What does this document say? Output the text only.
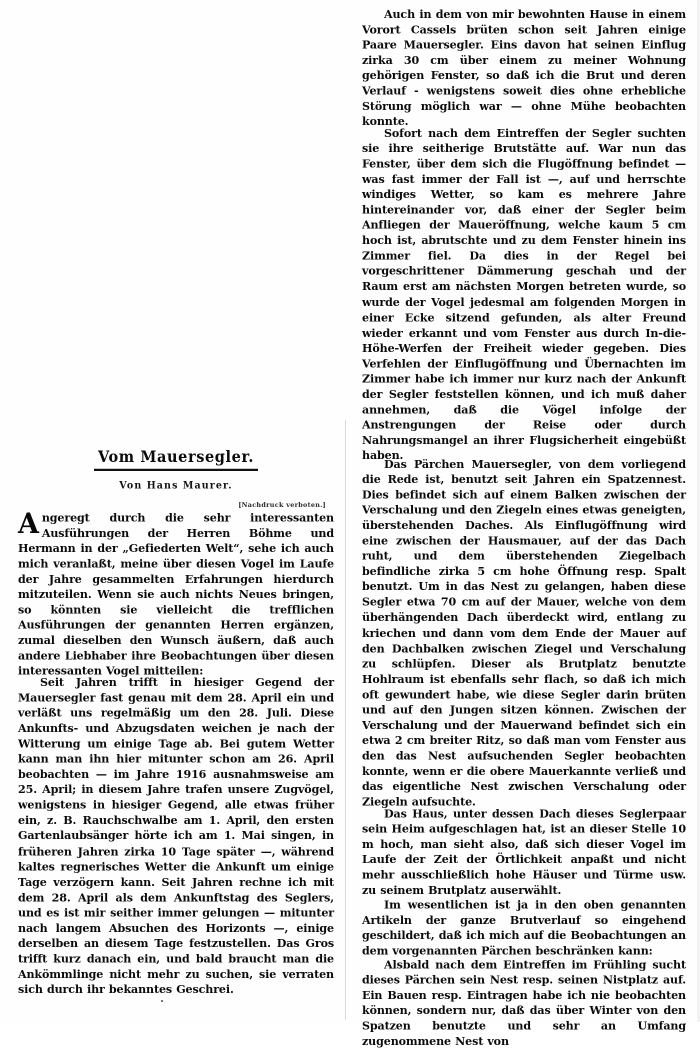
Vom Mauersegler.
Von Hans Maurer.
[Nachdruck verboten.]

Angeregt durch die sehr interessanten Ausführungen der Herren Böhme und Hermann in der „Gefiederten Welt“, sehe ich auch mich veranlaßt, meine über diesen Vogel im Laufe der Jahre gesammelten Erfahrungen hierdurch mitzuteilen. Wenn sie auch nichts Neues bringen, so könnten sie vielleicht die trefflichen Ausführungen der genannten Herren ergänzen, zumal dieselben den Wunsch äußern, daß auch andere Liebhaber ihre Beobachtungen über diesen interessanten Vogel mitteilen:

Seit Jahren trifft in hiesiger Gegend der Mauersegler fast genau mit dem 28. April ein und verläßt uns regelmäßig um den 28. Juli. Diese Ankunfts- und Abzugsdaten weichen je nach der Witterung um einige Tage ab. Bei gutem Wetter kann man ihn hier mitunter schon am 26. April beobachten — im Jahre 1916 ausnahmsweise am 25. April; in diesem Jahre trafen unsere Zugvögel, wenigstens in hiesiger Gegend, alle etwas früher ein, z. B. Rauchschwalbe am 1. April, den ersten Gartenlaubsänger hörte ich am 1. Mai singen, in früheren Jahren zirka 10 Tage später —, während kaltes regnerisches Wetter die Ankunft um einige Tage verzögern kann. Seit Jahren rechne ich mit dem 28. April als dem Ankunftstag des Seglers, und es ist mir seither immer gelungen — mitunter nach langem Absuchen des Horizonts —, einige derselben an diesem Tage festzustellen. Das Gros trifft kurz danach ein, und bald braucht man die Ankömmlinge nicht mehr zu suchen, sie verraten sich durch ihr bekanntes Geschrei.

Auch in dem von mir bewohnten Hause in einem Vorort Cassels brüten schon seit Jahren einige Paare Mauersegler. Eins davon hat seinen Einflug zirka 30 cm über einem zu meiner Wohnung gehörigen Fenster, so daß ich die Brut und deren Verlauf - wenigstens soweit dies ohne erhebliche Störung möglich war — ohne Mühe beobachten konnte.

Sofort nach dem Eintreffen der Segler suchten sie ihre seitherige Brutstätte auf. War nun das Fenster, über dem sich die Flugöffnung befindet — was fast immer der Fall ist —, auf und herrschte windiges Wetter, so kam es mehrere Jahre hintereinander vor, daß einer der Segler beim Anfliegen der Maueröffnung, welche kaum 5 cm hoch ist, abrutschte und zu dem Fenster hinein ins Zimmer fiel. Da dies in der Regel bei vorgeschrittener Dämmerung geschah und der Raum erst am nächsten Morgen betreten wurde, so wurde der Vogel jedesmal am folgenden Morgen in einer Ecke sitzend gefunden, als alter Freund wieder erkannt und vom Fenster aus durch In-die-Höhe-Werfen der Freiheit wieder gegeben. Dies Verfehlen der Einflugöffnung und Übernachten im Zimmer habe ich immer nur kurz nach der Ankunft der Segler feststellen können, und ich muß daher annehmen, daß die Vögel infolge der Anstrengungen der Reise oder durch Nahrungsmangel an ihrer Flugsicherheit eingebüßt haben.

Das Pärchen Mauersegler, von dem vorliegend die Rede ist, benutzt seit Jahren ein Spatzennest. Dies befindet sich auf einem Balken zwischen der Verschalung und den Ziegeln eines etwas geneigten, überstehenden Daches. Als Einflugöffnung wird eine zwischen der Hausmauer, auf der das Dach ruht, und dem überstehenden Ziegelbach befindliche zirka 5 cm hohe Öffnung resp. Spalt benutzt. Um in das Nest zu gelangen, haben diese Segler etwa 70 cm auf der Mauer, welche von dem überhängenden Dach überdeckt wird, entlang zu kriechen und dann vom dem Ende der Mauer auf den Dachbalken zwischen Ziegel und Verschalung zu schlüpfen. Dieser als Brutplatz benutzte Hohlraum ist ebenfalls sehr flach, so daß ich mich oft gewundert habe, wie diese Segler darin brüten und auf den Jungen sitzen können. Zwischen der Verschalung und der Mauerwand befindet sich ein etwa 2 cm breiter Ritz, so daß man vom Fenster aus den das Nest aufsuchenden Segler beobachten konnte, wenn er die obere Mauerkannte verließ und das eigentliche Nest zwischen Verschalung oder Ziegeln aufsuchte.

Das Haus, unter dessen Dach dieses Seglerpaar sein Heim aufgeschlagen hat, ist an dieser Stelle 10 m hoch, man sieht also, daß sich dieser Vogel im Laufe der Zeit der Örtlichkeit anpaßt und nicht mehr ausschließlich hohe Häuser und Türme usw. zu seinem Brutplatz auserwählt.

Im wesentlichen ist ja in den oben genannten Artikeln der ganze Brutverlauf so eingehend geschildert, daß ich mich auf die Beobachtungen an dem vorgenannten Pärchen beschränken kann:

Alsbald nach dem Eintreffen im Frühling sucht dieses Pärchen sein Nest resp. seinen Nistplatz auf. Ein Bauen resp. Eintragen habe ich nie beobachten können, sondern nur, daß das über Winter von den Spatzen benutzte und sehr an Umfang zugenommene Nest von
